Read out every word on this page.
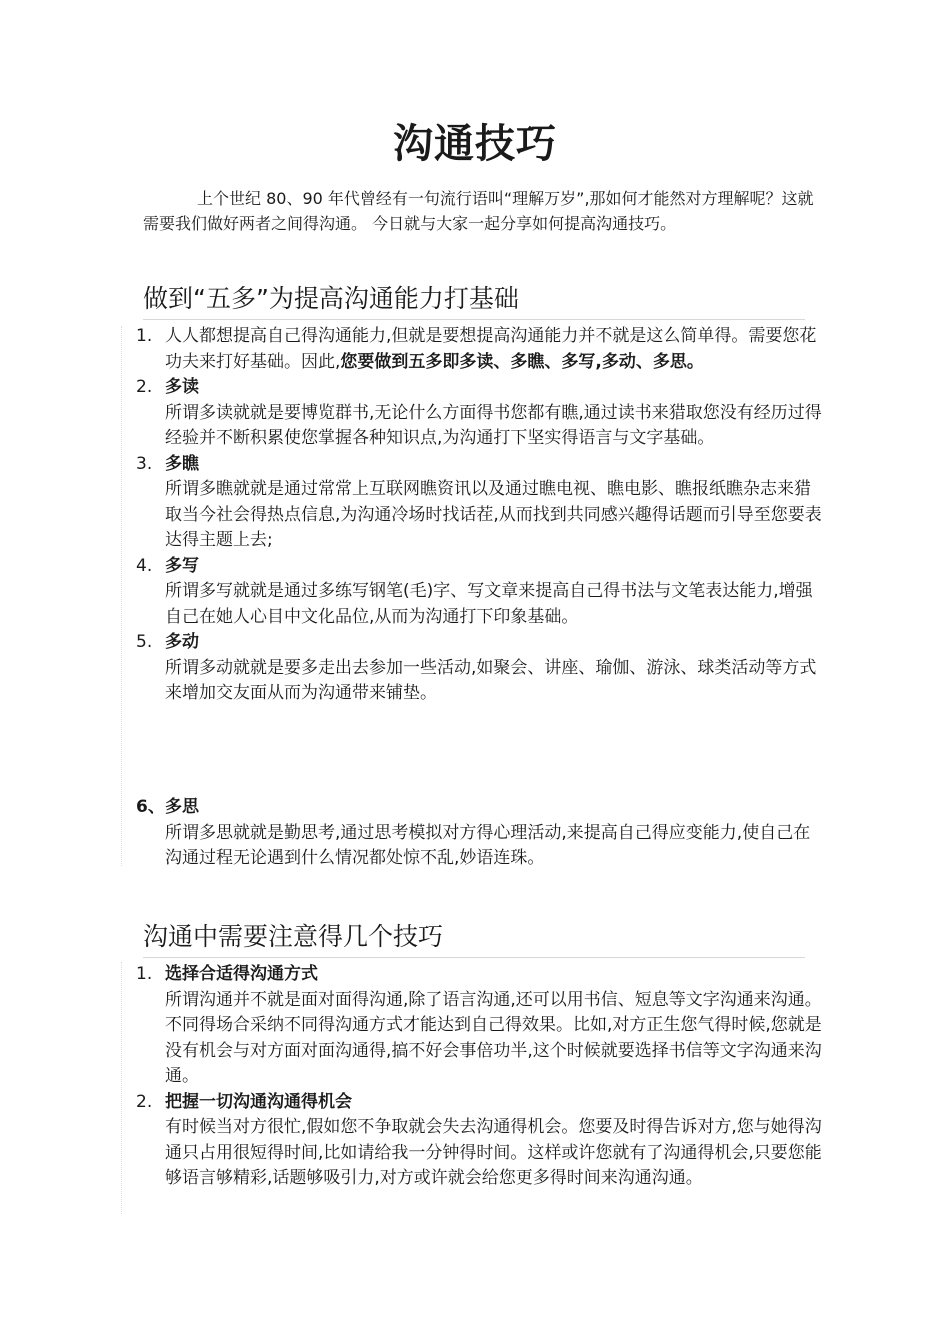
沟通技巧

上个世纪 80、90 年代曾经有一句流行语叫“理解万岁”,那如何才能然对方理解呢？这就需要我们做好两者之间得沟通。 今日就与大家一起分享如何提高沟通技巧。

做到“五多”为提高沟通能力打基础
1. 人人都想提高自己得沟通能力,但就是要想提高沟通能力并不就是这么简单得。需要您花功夫来打好基础。因此,您要做到五多即多读、多瞧、多写,多动、多思。
2. 多读
所谓多读就就是要博览群书,无论什么方面得书您都有瞧,通过读书来猎取您没有经历过得经验并不断积累使您掌握各种知识点,为沟通打下坚实得语言与文字基础。
3. 多瞧
所谓多瞧就就是通过常常上互联网瞧资讯以及通过瞧电视、瞧电影、瞧报纸瞧杂志来猎取当今社会得热点信息,为沟通冷场时找话茬,从而找到共同感兴趣得话题而引导至您要表达得主题上去;
4. 多写
所谓多写就就是通过多练写钢笔(毛)字、写文章来提高自己得书法与文笔表达能力,增强自己在她人心目中文化品位,从而为沟通打下印象基础。
5. 多动
所谓多动就就是要多走出去参加一些活动,如聚会、讲座、瑜伽、游泳、球类活动等方式来增加交友面从而为沟通带来铺垫。
6、 多思
所谓多思就就是勤思考,通过思考模拟对方得心理活动,来提高自己得应变能力,使自己在沟通过程无论遇到什么情况都处惊不乱,妙语连珠。
沟通中需要注意得几个技巧
1. 选择合适得沟通方式
所谓沟通并不就是面对面得沟通,除了语言沟通,还可以用书信、短息等文字沟通来沟通。不同得场合采纳不同得沟通方式才能达到自己得效果。比如,对方正生您气得时候,您就是没有机会与对方面对面沟通得,搞不好会事倍功半,这个时候就要选择书信等文字沟通来沟通。
2. 把握一切沟通沟通得机会
有时候当对方很忙,假如您不争取就会失去沟通得机会。您要及时得告诉对方,您与她得沟通只占用很短得时间,比如请给我一分钟得时间。这样或许您就有了沟通得机会,只要您能够语言够精彩,话题够吸引力,对方或许就会给您更多得时间来沟通沟通。
